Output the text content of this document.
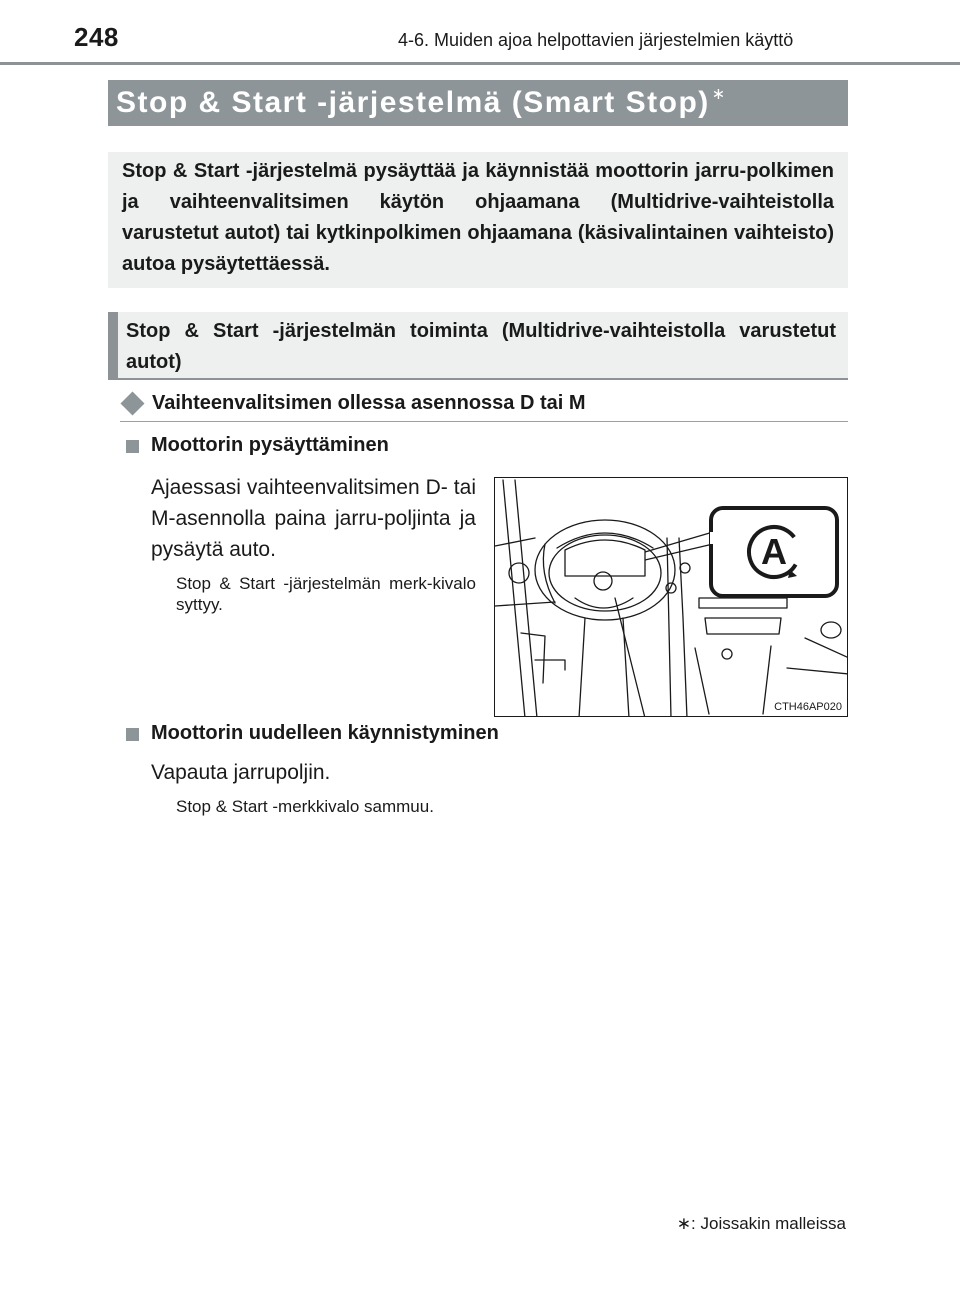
248	4-6. Muiden ajoa helpottavien järjestelmien käyttö
Stop & Start -järjestelmä (Smart Stop) ∗
Stop & Start -järjestelmä pysäyttää ja käynnistää moottorin jarru-polkimen ja vaihteenvalitsimen käytön ohjaamana (Multidrive-vaihteistolla varustetut autot) tai kytkinpolkimen ohjaamana (käsivalintainen vaihteisto) autoa pysäytettäessä.
Stop & Start -järjestelmän toiminta (Multidrive-vaihteistolla varustetut autot)
Vaihteenvalitsimen ollessa asennossa D tai M
Moottorin pysäyttäminen
Ajaessasi vaihteenvalitsimen D- tai M-asennolla paina jarru-poljinta ja pysäytä auto.
Stop & Start -järjestelmän merk-kivalo syttyy.
A
CTH46AP020
Moottorin uudelleen käynnistyminen
Vapauta jarrupoljin.
Stop & Start -merkkivalo sammuu.
∗: Joissakin malleissa
